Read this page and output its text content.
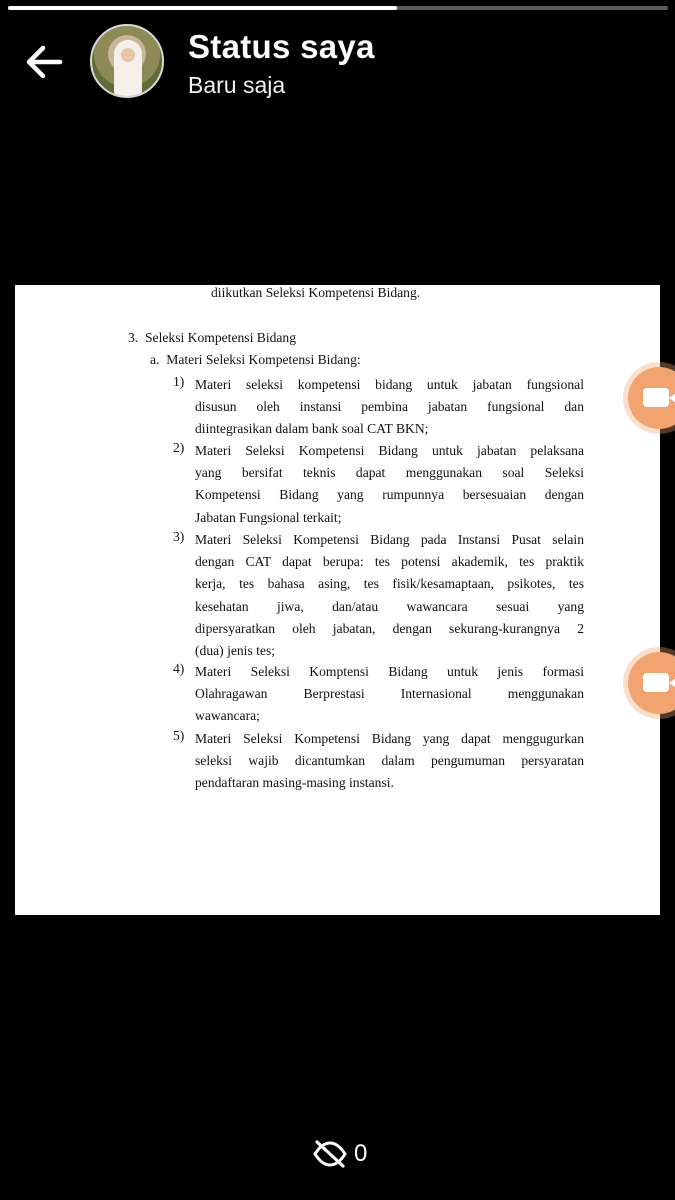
Status saya
Baru saja
diikutkan Seleksi Kompetensi Bidang.
3.  Seleksi Kompetensi Bidang
a.  Materi Seleksi Kompetensi Bidang:
1) Materi seleksi kompetensi bidang untuk jabatan fungsional
disusun oleh instansi pembina jabatan fungsional dan
diintegrasikan dalam bank soal CAT BKN;
2) Materi Seleksi Kompetensi Bidang untuk jabatan pelaksana
yang bersifat teknis dapat menggunakan soal Seleksi
Kompetensi Bidang yang rumpunnya bersesuaian dengan
Jabatan Fungsional terkait;
3) Materi Seleksi Kompetensi Bidang pada Instansi Pusat selain
dengan CAT dapat berupa: tes potensi akademik, tes praktik
kerja, tes bahasa asing, tes fisik/kesamaptaan, psikotes, tes
kesehatan jiwa, dan/atau wawancara sesuai yang
dipersyaratkan oleh jabatan, dengan sekurang-kurangnya 2
(dua) jenis tes;
4) Materi Seleksi Komptensi Bidang untuk jenis formasi
Olahragawan Berprestasi Internasional menggunakan
wawancara;
5) Materi Seleksi Kompetensi Bidang yang dapat menggugurkan
seleksi wajib dicantumkan dalam pengumuman persyaratan
pendaftaran masing-masing instansi.
0
